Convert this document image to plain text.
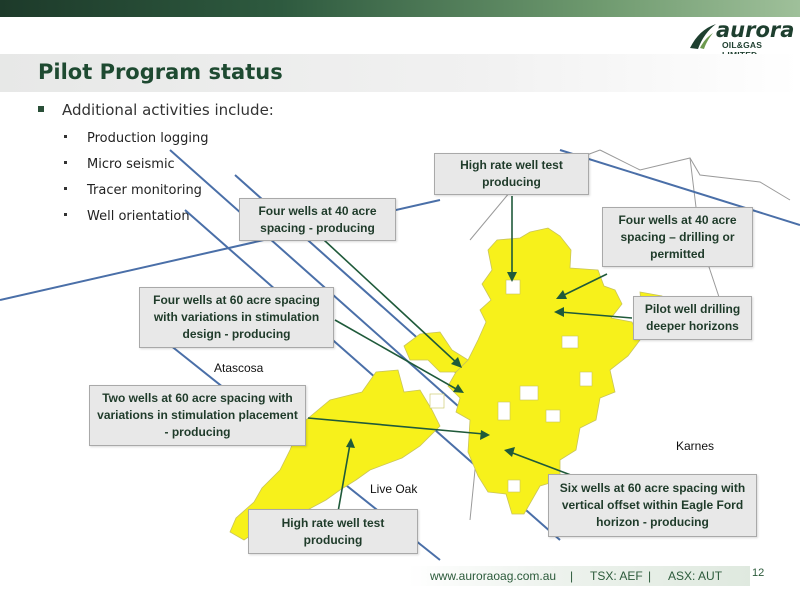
aurora
OIL&GAS
Pilot Program status
Additional activities include:
Production logging
Micro seismic
Tracer monitoring
Well orientation
Atascosa
Live Oak
Karnes
High rate well test producing
Four wells at 40 acre spacing - producing
Four wells at 40 acre spacing – drilling or permitted
Four wells at 60 acre spacing with variations in stimulation design - producing
Pilot well drilling deeper horizons
Two wells at 60 acre spacing with variations in stimulation placement - producing
Six wells at 60 acre spacing with vertical offset within Eagle Ford horizon - producing
High rate well test producing
www.auroraoag.com.au | TSX: AEF | ASX: AUT	12
